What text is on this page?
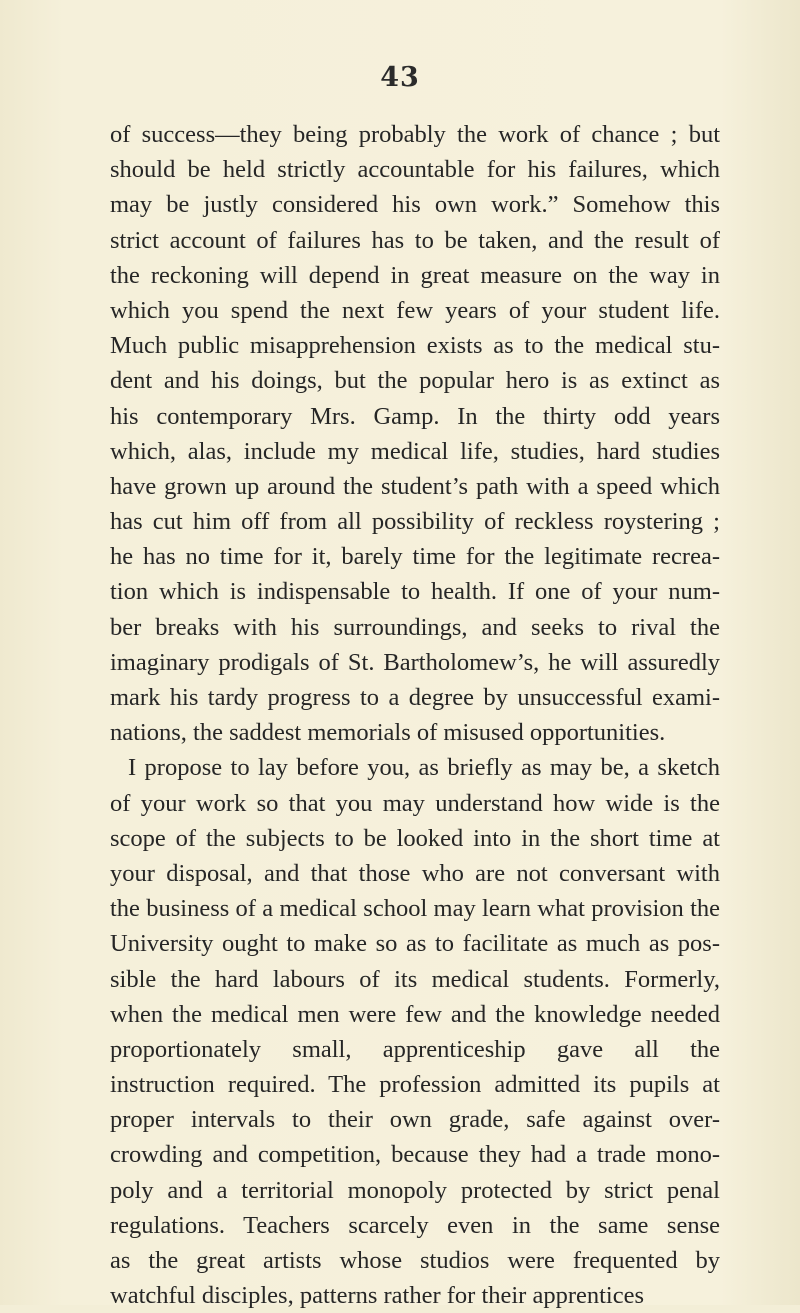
43
of success—they being probably the work of chance ; but
should be held strictly accountable for his failures, which
may be justly considered his own work.” Somehow this
strict account of failures has to be taken, and the result of
the reckoning will depend in great measure on the way in
which you spend the next few years of your student life.
Much public misapprehension exists as to the medical stu-
dent and his doings, but the popular hero is as extinct as
his contemporary Mrs. Gamp. In the thirty odd years
which, alas, include my medical life, studies, hard studies
have grown up around the student’s path with a speed which
has cut him off from all possibility of reckless roystering ;
he has no time for it, barely time for the legitimate recrea-
tion which is indispensable to health. If one of your num-
ber breaks with his surroundings, and seeks to rival the
imaginary prodigals of St. Bartholomew’s, he will assuredly
mark his tardy progress to a degree by unsuccessful exami-
nations, the saddest memorials of misused opportunities.
I propose to lay before you, as briefly as may be, a sketch
of your work so that you may understand how wide is the
scope of the subjects to be looked into in the short time at
your disposal, and that those who are not conversant with
the business of a medical school may learn what provision the
University ought to make so as to facilitate as much as pos-
sible the hard labours of its medical students. Formerly,
when the medical men were few and the knowledge needed
proportionately small, apprenticeship gave all the
instruction required. The profession admitted its pupils at
proper intervals to their own grade, safe against over-
crowding and competition, because they had a trade mono-
poly and a territorial monopoly protected by strict penal
regulations. Teachers scarcely even in the same sense
as the great artists whose studios were frequented by
watchful disciples, patterns rather for their apprentices
